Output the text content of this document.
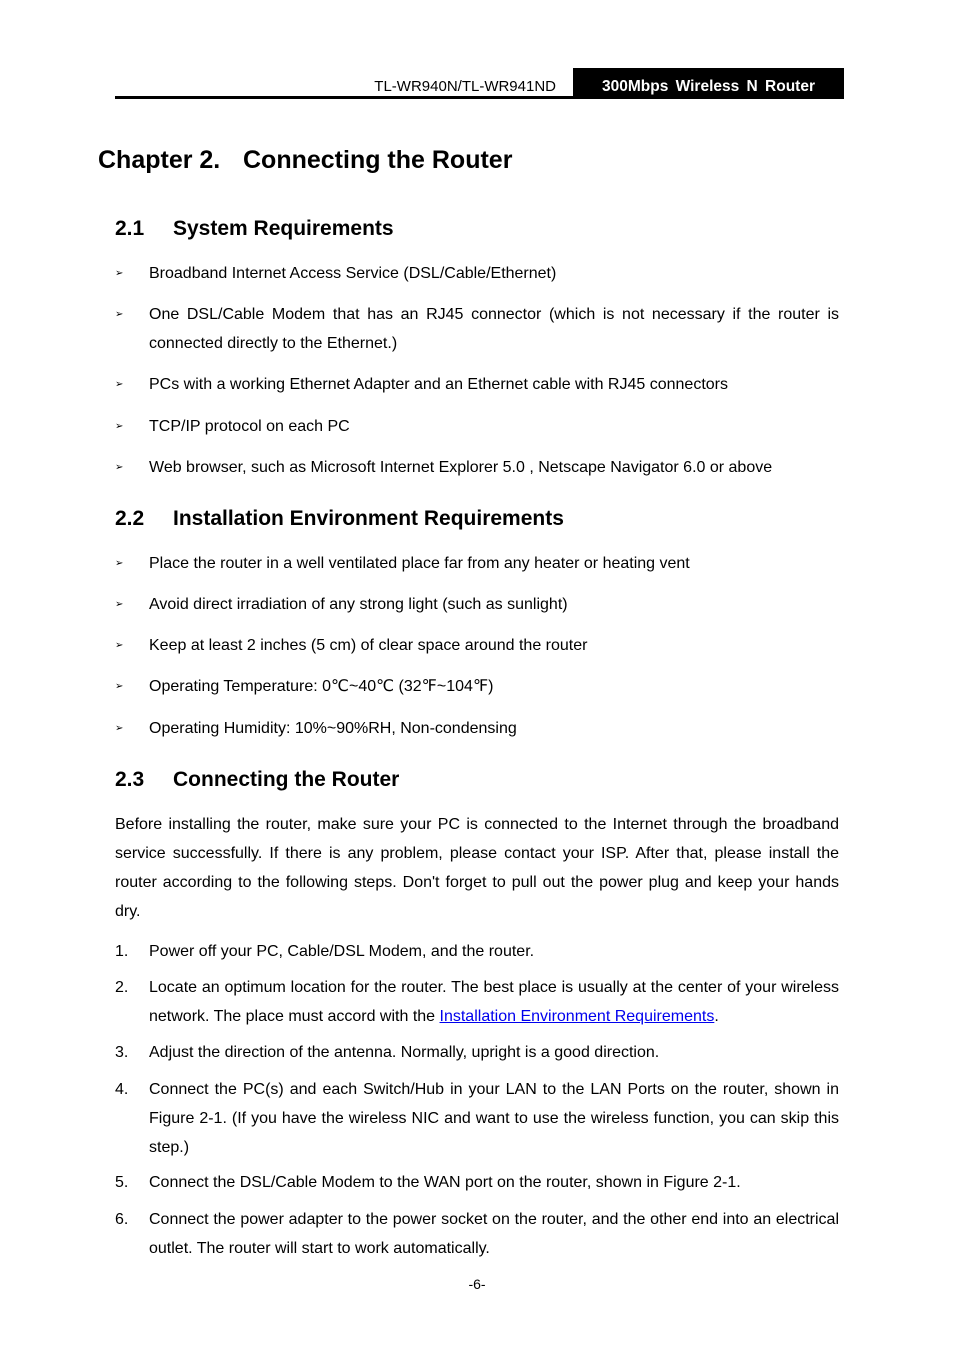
TL-WR940N/TL-WR941ND	300Mbps Wireless N Router
Chapter 2. Connecting the Router
2.1 System Requirements
➢	Broadband Internet Access Service (DSL/Cable/Ethernet)
➢	One DSL/Cable Modem that has an RJ45 connector (which is not necessary if the router is connected directly to the Ethernet.)
➢	PCs with a working Ethernet Adapter and an Ethernet cable with RJ45 connectors
➢	TCP/IP protocol on each PC
➢	Web browser, such as Microsoft Internet Explorer 5.0 , Netscape Navigator 6.0 or above
2.2 Installation Environment Requirements
➢	Place the router in a well ventilated place far from any heater or heating vent
➢	Avoid direct irradiation of any strong light (such as sunlight)
➢	Keep at least 2 inches (5 cm) of clear space around the router
➢	Operating Temperature: 0℃~40℃ (32℉~104℉)
➢	Operating Humidity: 10%~90%RH, Non-condensing
2.3 Connecting the Router
Before installing the router, make sure your PC is connected to the Internet through the broadband service successfully. If there is any problem, please contact your ISP. After that, please install the router according to the following steps. Don't forget to pull out the power plug and keep your hands dry.
1.	Power off your PC, Cable/DSL Modem, and the router.
2.	Locate an optimum location for the router. The best place is usually at the center of your wireless network. The place must accord with the Installation Environment Requirements.
3.	Adjust the direction of the antenna. Normally, upright is a good direction.
4.	Connect the PC(s) and each Switch/Hub in your LAN to the LAN Ports on the router, shown in Figure 2-1. (If you have the wireless NIC and want to use the wireless function, you can skip this step.)
5.	Connect the DSL/Cable Modem to the WAN port on the router, shown in Figure 2-1.
6.	Connect the power adapter to the power socket on the router, and the other end into an electrical outlet. The router will start to work automatically.
-6-
